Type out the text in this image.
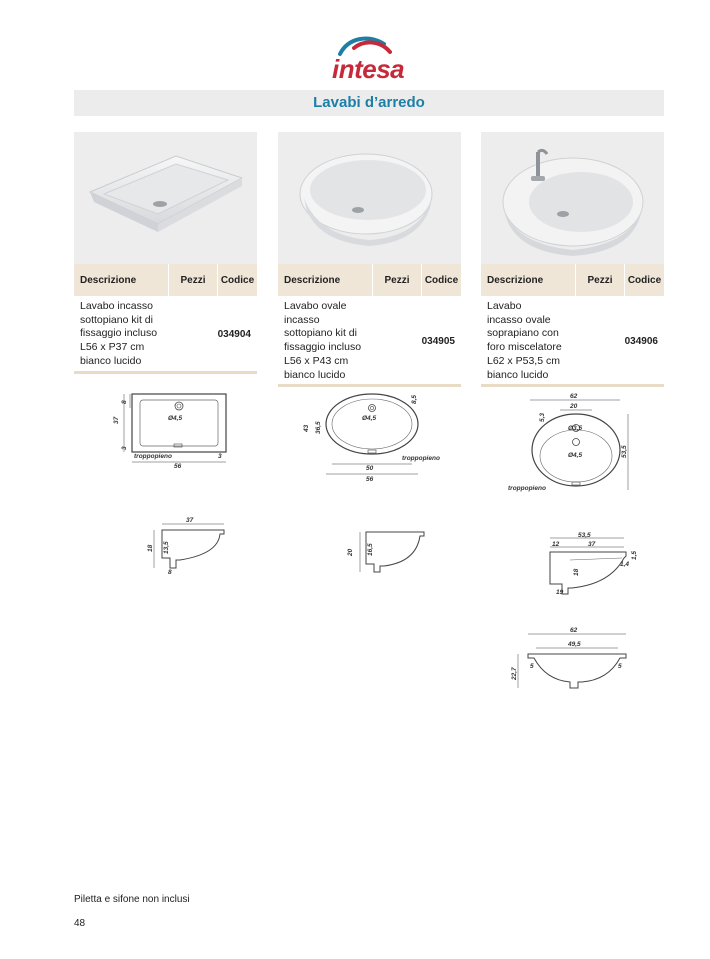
intesa
Lavabi d’arredo
Descrizione	Pezzi	Codice
Lavabo incasso
sottopiano kit di
fissaggio incluso
L56 x P37 cm
bianco lucido
034904
Descrizione	Pezzi	Codice
Lavabo ovale
incasso
sottopiano kit di
fissaggio incluso
L56 x P43 cm
bianco lucido
034905
Descrizione	Pezzi	Codice
Lavabo
incasso ovale
soprapiano con
foro miscelatore
L62 x P53,5 cm
bianco lucido
034906
37
8
Ø4,5
3
troppopieno
56
3
37
18 13,5
8
43 36,5
Ø4,5
8,5
troppopieno
50
56
20 16,5
62
20
5,3
Ø3,5
Ø4,5	53,5
troppopieno
53,5
12	37
1,5
1,4
18
19
62
49,5
22,7
5	5
Piletta e sifone non inclusi
48
